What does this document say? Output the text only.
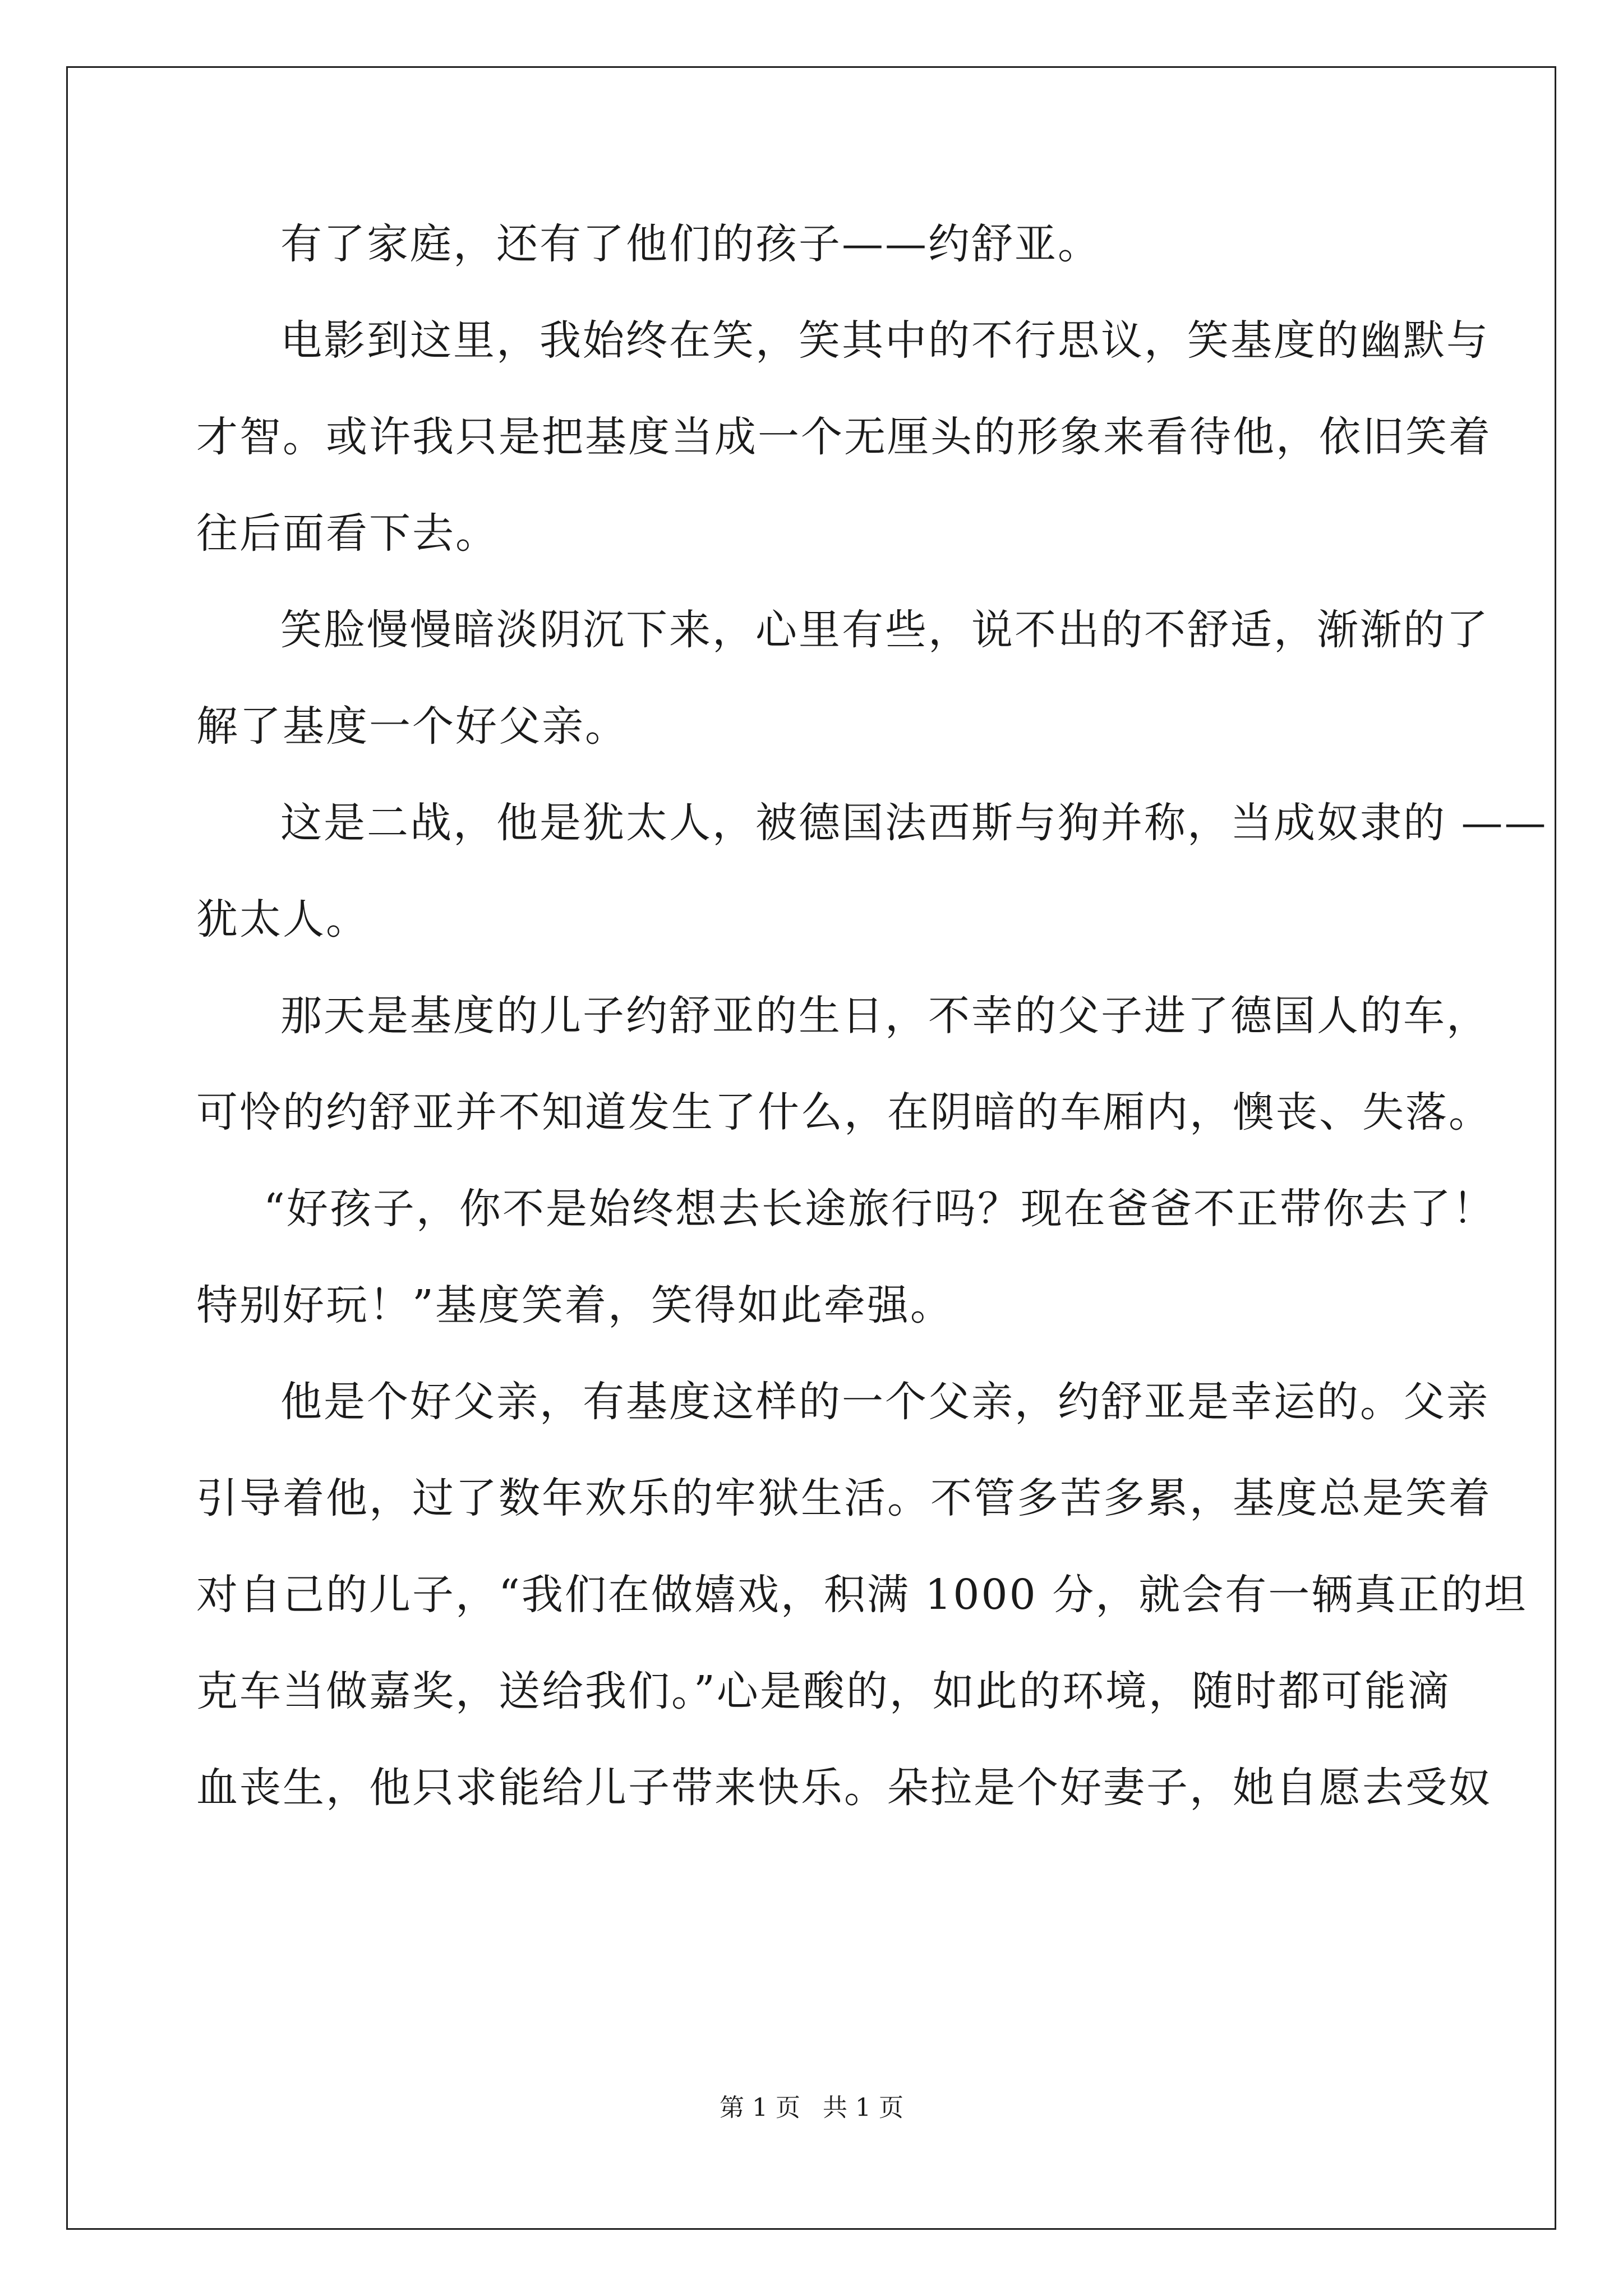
有了家庭，还有了他们的孩子——约舒亚。
电影到这里，我始终在笑，笑其中的不行思议，笑基度的幽默与
才智。或许我只是把基度当成一个无厘头的形象来看待他，依旧笑着
往后面看下去。
笑脸慢慢暗淡阴沉下来，心里有些，说不出的不舒适，渐渐的了
解了基度一个好父亲。
这是二战，他是犹太人，被德国法西斯与狗并称，当成奴隶的 ——
犹太人。
那天是基度的儿子约舒亚的生日，不幸的父子进了德国人的车，
可怜的约舒亚并不知道发生了什么，在阴暗的车厢内，懊丧、失落。
“好孩子，你不是始终想去长途旅行吗？现在爸爸不正带你去了！
特别好玩！”基度笑着，笑得如此牵强。
他是个好父亲，有基度这样的一个父亲，约舒亚是幸运的。父亲
引导着他，过了数年欢乐的牢狱生活。不管多苦多累，基度总是笑着
对自己的儿子，“我们在做嬉戏，积满 1000 分，就会有一辆真正的坦
克车当做嘉奖，送给我们。”心是酸的，如此的环境，随时都可能滴
血丧生，他只求能给儿子带来快乐。朵拉是个好妻子，她自愿去受奴
第 1 页 共 1 页
